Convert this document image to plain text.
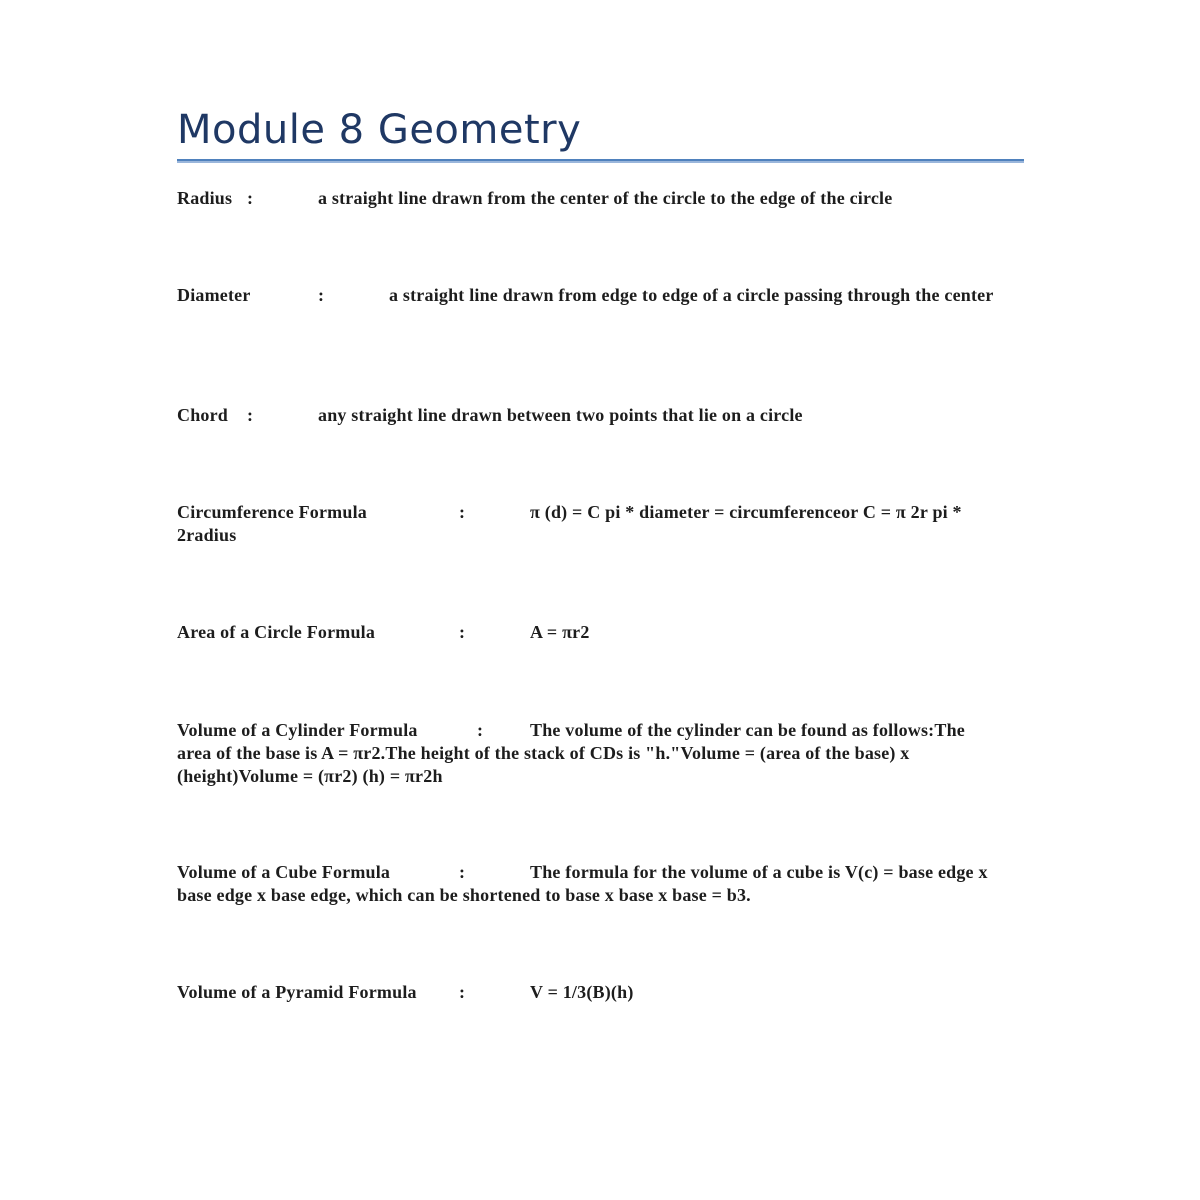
Module 8 Geometry
Radius :	a straight line drawn from the center of the circle to the edge of the circle
Diameter	:	a straight line drawn from edge to edge of a circle passing through the center
Chord :	any straight line drawn between two points that lie on a circle
Circumference Formula	:	π (d) = C pi * diameter = circumferenceor C = π 2r pi * 2radius
Area of a Circle Formula	:	A = πr2
Volume of a Cylinder Formula	:	The volume of the cylinder can be found as follows:The area of the base is A = πr2.The height of the stack of CDs is "h."Volume = (area of the base) x (height)Volume = (πr2) (h) = πr2h
Volume of a Cube Formula	:	The formula for the volume of a cube is V(c) = base edge x base edge x base edge, which can be shortened to base x base x base = b3.
Volume of a Pyramid Formula :	V = 1/3(B)(h)
